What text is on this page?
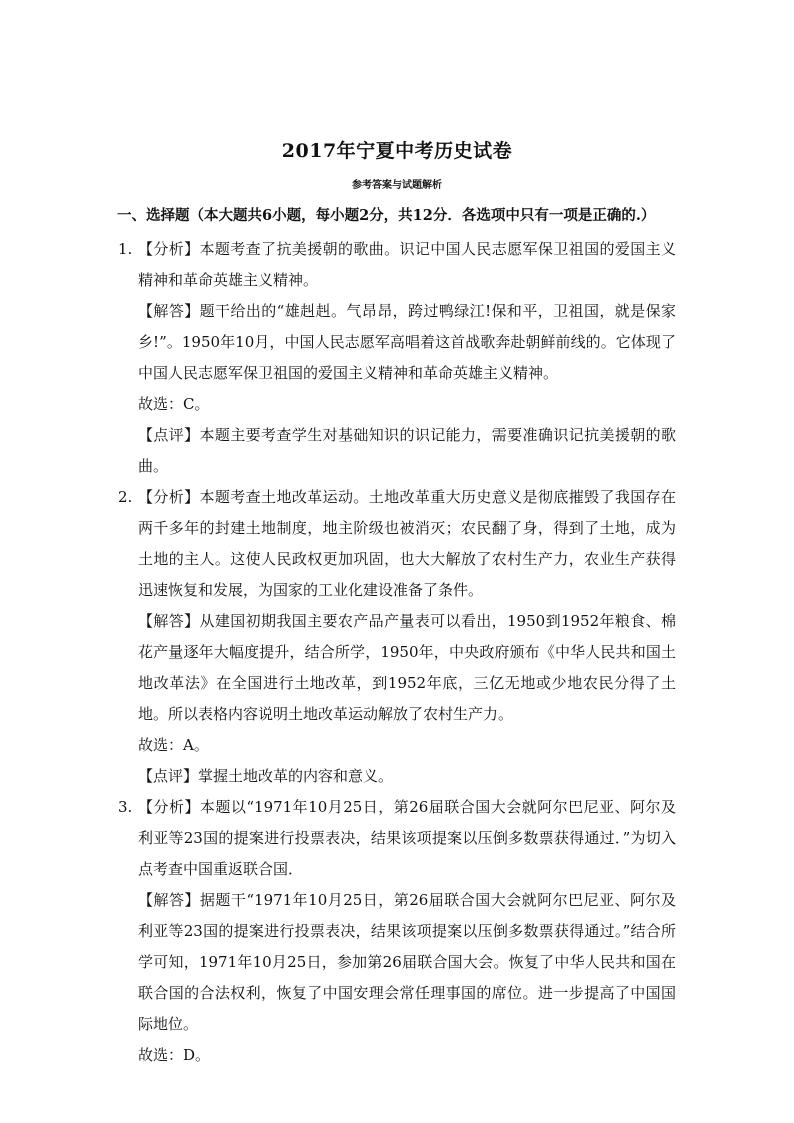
2017年宁夏中考历史试卷
参考答案与试题解析
一、选择题（本大题共6小题，每小题2分，共12分．各选项中只有一项是正确的.）
1. 【分析】本题考查了抗美援朝的歌曲。识记中国人民志愿军保卫祖国的爱国主义精神和革命英雄主义精神。

【解答】题干给出的“雄赳赳。气昂昂，跨过鸭绿江!保和平，卫祖国，就是保家乡!”。1950年10月，中国人民志愿军高唱着这首战歌奔赴朝鲜前线的。它体现了中国人民志愿军保卫祖国的爱国主义精神和革命英雄主义精神。

故选：C。

【点评】本题主要考查学生对基础知识的识记能力，需要准确识记抗美援朝的歌曲。

2. 【分析】本题考查土地改革运动。土地改革重大历史意义是彻底摧毁了我国存在两千多年的封建土地制度，地主阶级也被消灭；农民翻了身，得到了土地，成为土地的主人。这使人民政权更加巩固，也大大解放了农村生产力，农业生产获得迅速恢复和发展，为国家的工业化建设准备了条件。

【解答】从建国初期我国主要农产品产量表可以看出，1950到1952年粮食、棉花产量逐年大幅度提升，结合所学，1950年，中央政府颁布《中华人民共和国土地改革法》在全国进行土地改革，到1952年底，三亿无地或少地农民分得了土地。所以表格内容说明土地改革运动解放了农村生产力。

故选：A。

【点评】掌握土地改革的内容和意义。

3. 【分析】本题以“1971年10月25日，第26届联合国大会就阿尔巴尼亚、阿尔及利亚等23国的提案进行投票表决，结果该项提案以压倒多数票获得通过．”为切入点考查中国重返联合国．

【解答】据题干“1971年10月25日，第26届联合国大会就阿尔巴尼亚、阿尔及利亚等23国的提案进行投票表决，结果该项提案以压倒多数票获得通过。”结合所学可知，1971年10月25日，参加第26届联合国大会。恢复了中华人民共和国在联合国的合法权利，恢复了中国安理会常任理事国的席位。进一步提高了中国国际地位。

故选：D。
